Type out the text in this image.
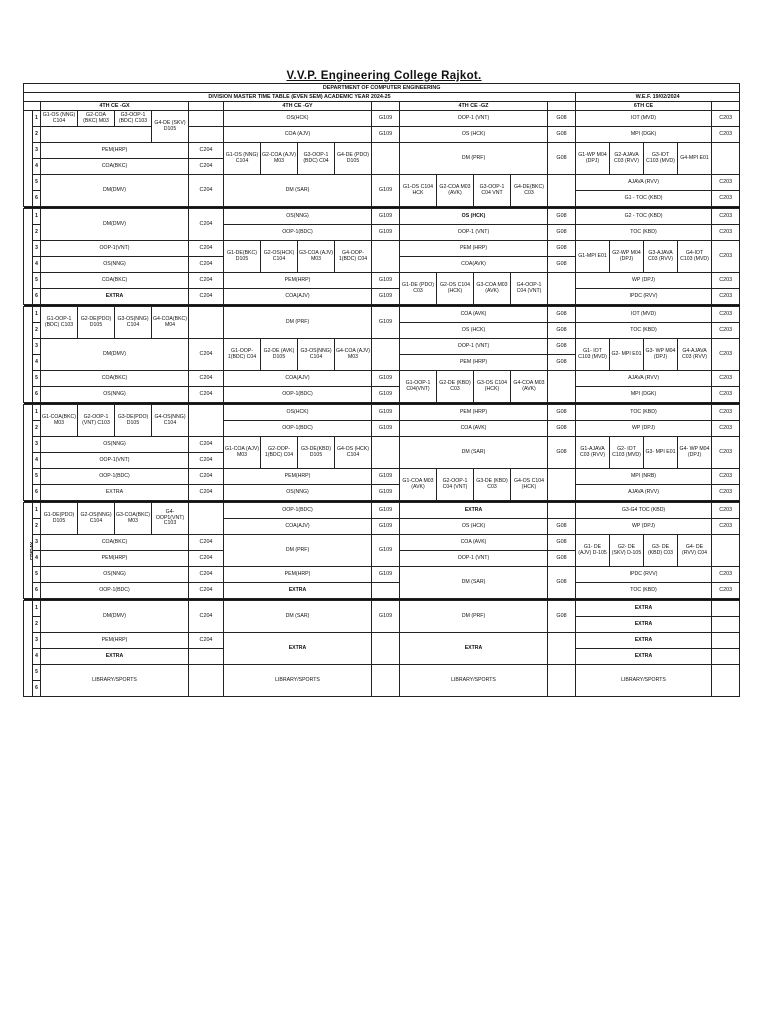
V.V.P. Engineering College Rajkot.
DEPARTMENT OF COMPUTER ENGINEERING																					
DIVISION MASTER TIME TABLE (EVEN SEM) ACADEMIC YEAR 2024-25																	W.E.F. 19/02/2024				
		4TH CE -GX					4TH CE -GY					4TH CE -GZ					6TH CE				
	1	G1-OS (NNG) C104	G2-COA (BKC) M03	G3-OOP-1 (BDC) C103	G4-DE (SKV) D105		OS(HCK)				G109	OOP-1 (VNT)				G08	IOT (MVD)				C203
	2						COA (AJV)				G109	OS (HCK)				G08	MPI (DGK)				C203
	3	PEM(HRP)				C204	G1-OS (NNG) C104	G2-COA (AJV) M03	G3-OOP-1 (BDC) C04	G4-DE (PDO) D105		DM (PRF)				G08	G1-WP M04 (DPJ)	G2-AJAVA C03 (RVV)	G3-IOT C103 (MVD)	G4-MPI E01	
	4	COA(BKC)				C204															
	5	DM(DMV)				C204	DM (SAR)				G109	G1-OS C104 HCK	G2-COA M03 (AVK)	G3-OOP-1 C04 VNT	G4-DE(BKC) C03		AJAVA (RVV)				C203
	6																G1 - TOC (KBD)				C203

	1	DM(DMV)				C204	OS(NNG)				G109	OS (HCK)				G08	G2 - TOC (KBD)				C203
	2						OOP-1(BDC)				G109	OOP-1 (VNT)				G08	TOC (KBD)				C203
	3	OOP-1(VNT)				C204	G1-DE(BKC) D105	G2-OS(HCK) C104	G3-COA (AJV) M03	G4-OOP-1(BDC) C04		PEM (HRP)				G08	G1-MPI E01	G2-WP M04 (DPJ)	G3-AJAVA C03 (RVV)	G4-IOT C103 (MVD)	C203
	4	OS(NNG)				C204						COA(AVK)				G08					
	5	COA(BKC)				C204	PEM(HRP)				G109	G1-DE (PDO) C03	G2-OS C104 (HCK)	G3-COA M03 (AVK)	G4-OOP-1 C04 (VNT)		WP (DPJ)				C203
	6	EXTRA				C204	COA(AJV)				G109						IPDC (RVV)				C203

	1	G1-OOP-1 (BDC) C103	G2-DE(PDO) D105	G3-OS(NNG) C104	G4-COA(BKC) M04		DM (PRF)				G109	COA (AVK)				G08	IOT (MVD)				C203
	2											OS (HCK)				G08	TOC (KBD)				C203
	3	DM(DMV)				C204	G1-OOP-1(BDC) C04	G2-DE (AVK) D105	G3-OS(NNG) C104	G4-COA (AJV) M03		OOP-1 (VNT)				G08	G1- IOT C103 (MVD)	G2- MPI E01	G3- WP M04 (DPJ)	G4-AJAVA C03 (RVV)	C203
	4											PEM (HRP)				G08					
	5	COA(BKC)				C204	COA(AJV)				G109	G1-OOP-1 C04(VNT)	G2-DE (KBD) C03	G3-OS C104 (HCK)	G4-COA M03 (AVK)		AJAVA (RVV)				C203
	6	OS(NNG)				C204	OOP-1(BDC)				G109						MPI (DGK)				C203

	1	G1-COA(BKC) M03	G2-OOP-1 (VNT) C103	G3-DE(PDO) D105	G4-OS(NNG) C104		OS(HCK)				G109	PEM (HRP)				G08	TOC (KBD)				C203
	2						OOP-1(BDC)				G109	COA (AVK)				G08	WP (DPJ)				C203
	3	OS(NNG)				C204	G1-COA (AJV) M03	G2-OOP-1(BDC) C04	G3-DE(KBD) D105	G4-OS (HCK) C104		DM (SAR)				G08	G1-AJAVA C03 (RVV)	G2- IOT C103 (MVD)	G3- MPI E01	G4- WP M04 (DPJ)	C203
	4	OOP-1(VNT)				C204															
	5	OOP-1(BDC)				C204	PEM(HRP)				G109	G1-COA M03 (AVK)	G2-OOP-1 C04 (VNT)	G3-DE (KBD) C03	G4-OS C104 (HCK)		MPI (NRB)				C203
	6	EXTRA				C204	OS(NNG)				G109						AJAVA (RVV)				C203

FRIDAY	1	G1-DE(PDO) D105	G2-OS(NNG) C104	G3-COA(BKC) M03	G4-OOP1(VNT) C103		OOP-1(BDC)				G109	EXTRA					G3-G4 TOC (KBD)				C203
	2						COA(AJV)				G109	OS (HCK)				G08	WP (DPJ)				C203
	3	COA(BKC)				C204	DM (PRF)				G109	COA (AVK)				G08	G1- DE (AJV) D-105	G2- DE (SKV) D-105	G3- DE (KBD) C03	G4- DE (RVV) C04	
	4	PEM(HRP)				C204						OOP-1 (VNT)				G08					
	5	OS(NNG)				C204	PEM(HRP)				G109	DM (SAR)				G08	IPDC (RVV)				C203
	6	OOP-1(BDC)				C204	EXTRA										TOC (KBD)				C203

	1	DM(DMV)				C204	DM (SAR)				G109	DM (PRF)				G08	EXTRA				
	2																EXTRA				
	3	PEM(HRP)				C204	EXTRA					EXTRA					EXTRA				
	4	EXTRA															EXTRA				
	5	LIBRARY/SPORTS					LIBRARY/SPORTS					LIBRARY/SPORTS					LIBRARY/SPORTS				
	6																				
